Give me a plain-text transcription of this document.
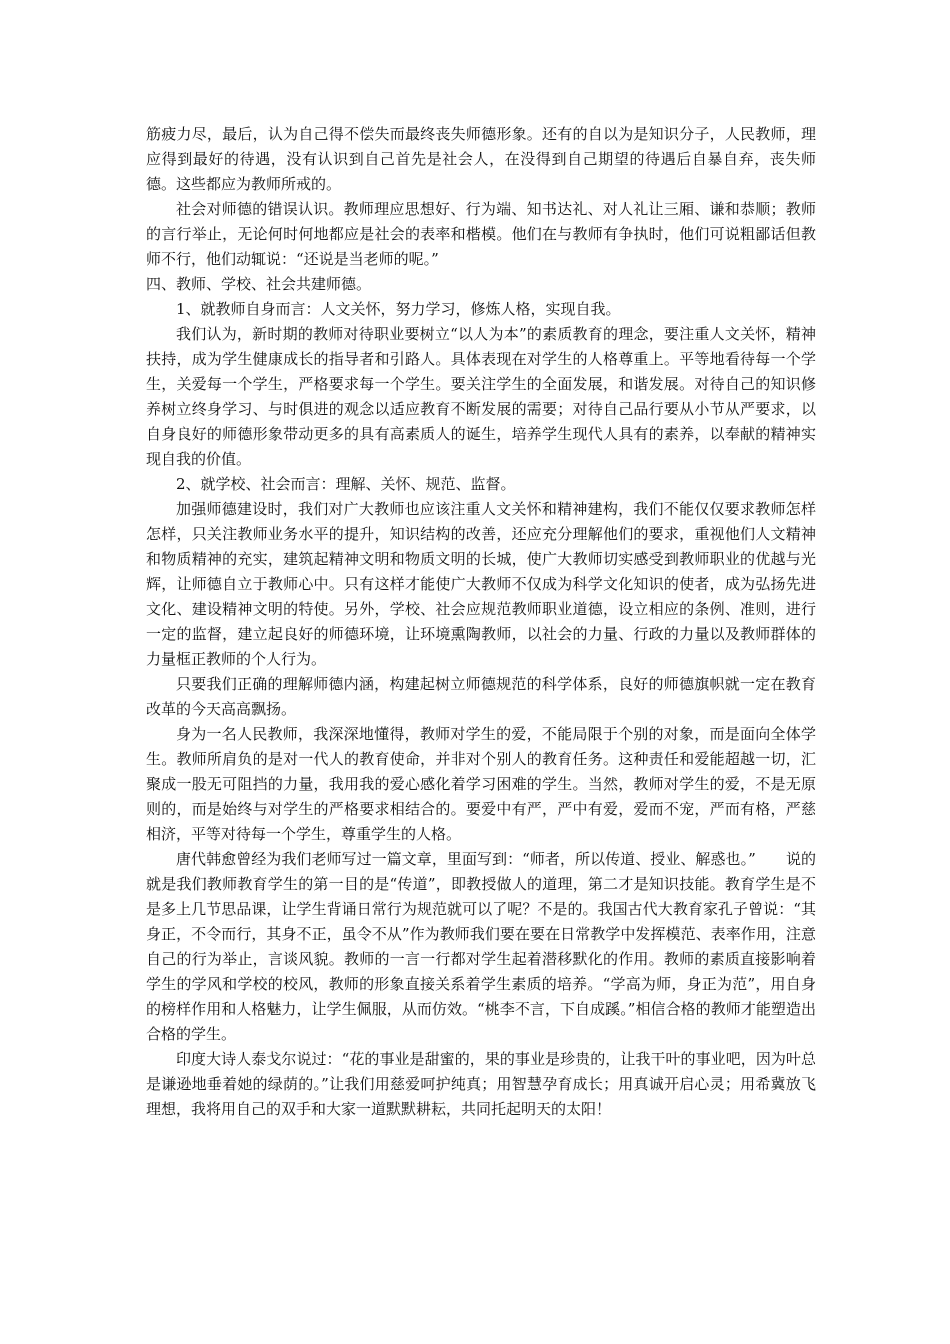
筋疲力尽，最后，认为自己得不偿失而最终丧失师德形象。还有的自以为是知识分子，人民教师，理应得到最好的待遇，没有认识到自己首先是社会人，在没得到自己期望的待遇后自暴自弃，丧失师德。这些都应为教师所戒的。

社会对师德的错误认识。教师理应思想好、行为端、知书达礼、对人礼让三厢、谦和恭顺；教师的言行举止，无论何时何地都应是社会的表率和楷模。他们在与教师有争执时，他们可说粗鄙话但教师不行，他们动辄说：“还说是当老师的呢。”

四、教师、学校、社会共建师德。

1、就教师自身而言：人文关怀，努力学习，修炼人格，实现自我。

我们认为，新时期的教师对待职业要树立“以人为本”的素质教育的理念，要注重人文关怀，精神扶持，成为学生健康成长的指导者和引路人。具体表现在对学生的人格尊重上。平等地看待每一个学生，关爱每一个学生，严格要求每一个学生。要关注学生的全面发展，和谐发展。对待自己的知识修养树立终身学习、与时俱进的观念以适应教育不断发展的需要；对待自己品行要从小节从严要求，以自身良好的师德形象带动更多的具有高素质人的诞生，培养学生现代人具有的素养，以奉献的精神实现自我的价值。

2、就学校、社会而言：理解、关怀、规范、监督。

加强师德建设时，我们对广大教师也应该注重人文关怀和精神建构，我们不能仅仅要求教师怎样怎样，只关注教师业务水平的提升，知识结构的改善，还应充分理解他们的要求，重视他们人文精神和物质精神的充实，建筑起精神文明和物质文明的长城，使广大教师切实感受到教师职业的优越与光辉，让师德自立于教师心中。只有这样才能使广大教师不仅成为科学文化知识的使者，成为弘扬先进文化、建设精神文明的特使。另外，学校、社会应规范教师职业道德，设立相应的条例、准则，进行一定的监督，建立起良好的师德环境，让环境熏陶教师，以社会的力量、行政的力量以及教师群体的力量框正教师的个人行为。

只要我们正确的理解师德内涵，构建起树立师德规范的科学体系，良好的师德旗帜就一定在教育改革的今天高高飘扬。

身为一名人民教师，我深深地懂得，教师对学生的爱，不能局限于个别的对象，而是面向全体学生。教师所肩负的是对一代人的教育使命，并非对个别人的教育任务。这种责任和爱能超越一切，汇聚成一股无可阻挡的力量，我用我的爱心感化着学习困难的学生。当然，教师对学生的爱，不是无原则的，而是始终与对学生的严格要求相结合的。要爱中有严，严中有爱，爱而不宠，严而有格，严慈相济，平等对待每一个学生，尊重学生的人格。

唐代韩愈曾经为我们老师写过一篇文章，里面写到：“师者，所以传道、授业、解惑也。”　　说的就是我们教师教育学生的第一目的是“传道”，即教授做人的道理，第二才是知识技能。教育学生是不是多上几节思品课，让学生背诵日常行为规范就可以了呢？不是的。我国古代大教育家孔子曾说：“其身正，不令而行，其身不正，虽令不从”作为教师我们要在要在日常教学中发挥模范、表率作用，注意自己的行为举止，言谈风貌。教师的一言一行都对学生起着潜移默化的作用。教师的素质直接影响着学生的学风和学校的校风，教师的形象直接关系着学生素质的培养。“学高为师，身正为范”，用自身的榜样作用和人格魅力，让学生佩服，从而仿效。“桃李不言，下自成蹊。”相信合格的教师才能塑造出合格的学生。

印度大诗人泰戈尔说过：“花的事业是甜蜜的，果的事业是珍贵的，让我干叶的事业吧，因为叶总是谦逊地垂着她的绿荫的。”让我们用慈爱呵护纯真；用智慧孕育成长；用真诚开启心灵；用希冀放飞理想，我将用自己的双手和大家一道默默耕耘，共同托起明天的太阳！
